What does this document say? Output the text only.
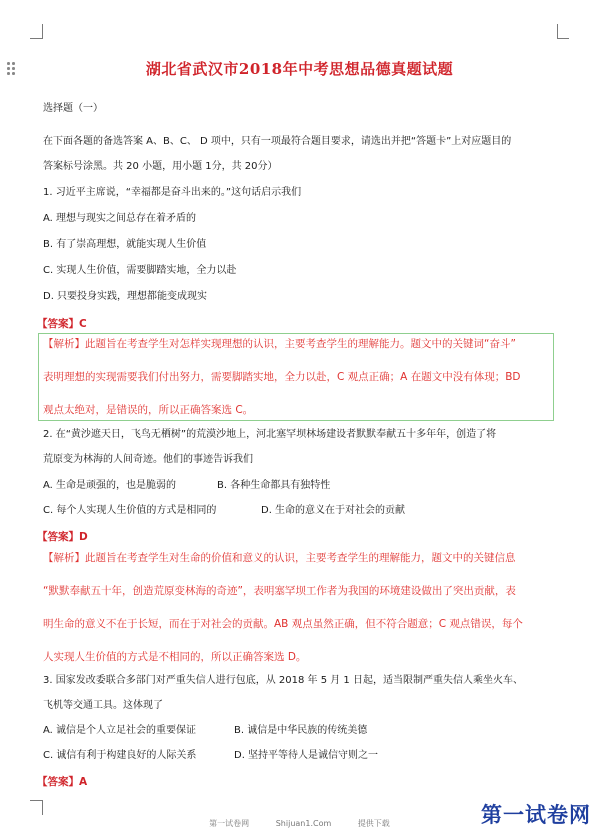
湖北省武汉市2018年中考思想品德真题试题
选择题（一）
在下面各题的备选答案 A、B、C、 D 项中，只有一项最符合题目要求，请选出并把“答题卡”上对应题目的
答案标号涂黑。共 20 小题，用小题 1分，共 20分）
1. 习近平主席说，“幸福都是奋斗出来的。”这句话启示我们
A. 理想与现实之间总存在着矛盾的
B. 有了崇高理想，就能实现人生价值
C. 实现人生价值，需要脚踏实地，全力以赴
D. 只要投身实践，理想都能变成现实
【答案】C
【解析】此题旨在考查学生对怎样实现理想的认识，主要考查学生的理解能力。题文中的关键词“奋斗”
表明理想的实现需要我们付出努力，需要脚踏实地，全力以赴，C 观点正确；A 在题文中没有体现；BD
观点太绝对，是错误的，所以正确答案选 C。
2. 在“黄沙遮天日，飞鸟无栖树”的荒漠沙地上，河北塞罕坝林场建设者默默奉献五十多年年，创造了将
荒原变为林海的人间奇迹。他们的事迹告诉我们
A. 生命是顽强的，也是脆弱的	B. 各种生命都具有独特性
C. 每个人实现人生价值的方式是相同的	D. 生命的意义在于对社会的贡献
【答案】D
【解析】此题旨在考查学生对生命的价值和意义的认识，主要考查学生的理解能力，题文中的关键信息
“默默奉献五十年，创造荒原变林海的奇迹”，表明塞罕坝工作者为我国的环境建设做出了突出贡献，表
明生命的意义不在于长短，而在于对社会的贡献。AB 观点虽然正确，但不符合题意；C 观点错误，每个
人实现人生价值的方式是不相同的，所以正确答案选 D。
3. 国家发改委联合多部门对严重失信人进行包底，从 2018 年 5 月 1 日起，适当限制严重失信人乘坐火车、
飞机等交通工具。这体现了
A. 诚信是个人立足社会的重要保证	B. 诚信是中华民族的传统美德
C. 诚信有利于构建良好的人际关系	D. 坚持平等待人是诚信守则之一
【答案】A
第一试卷网
第一试卷网	Shijuan1.Com	提供下载
